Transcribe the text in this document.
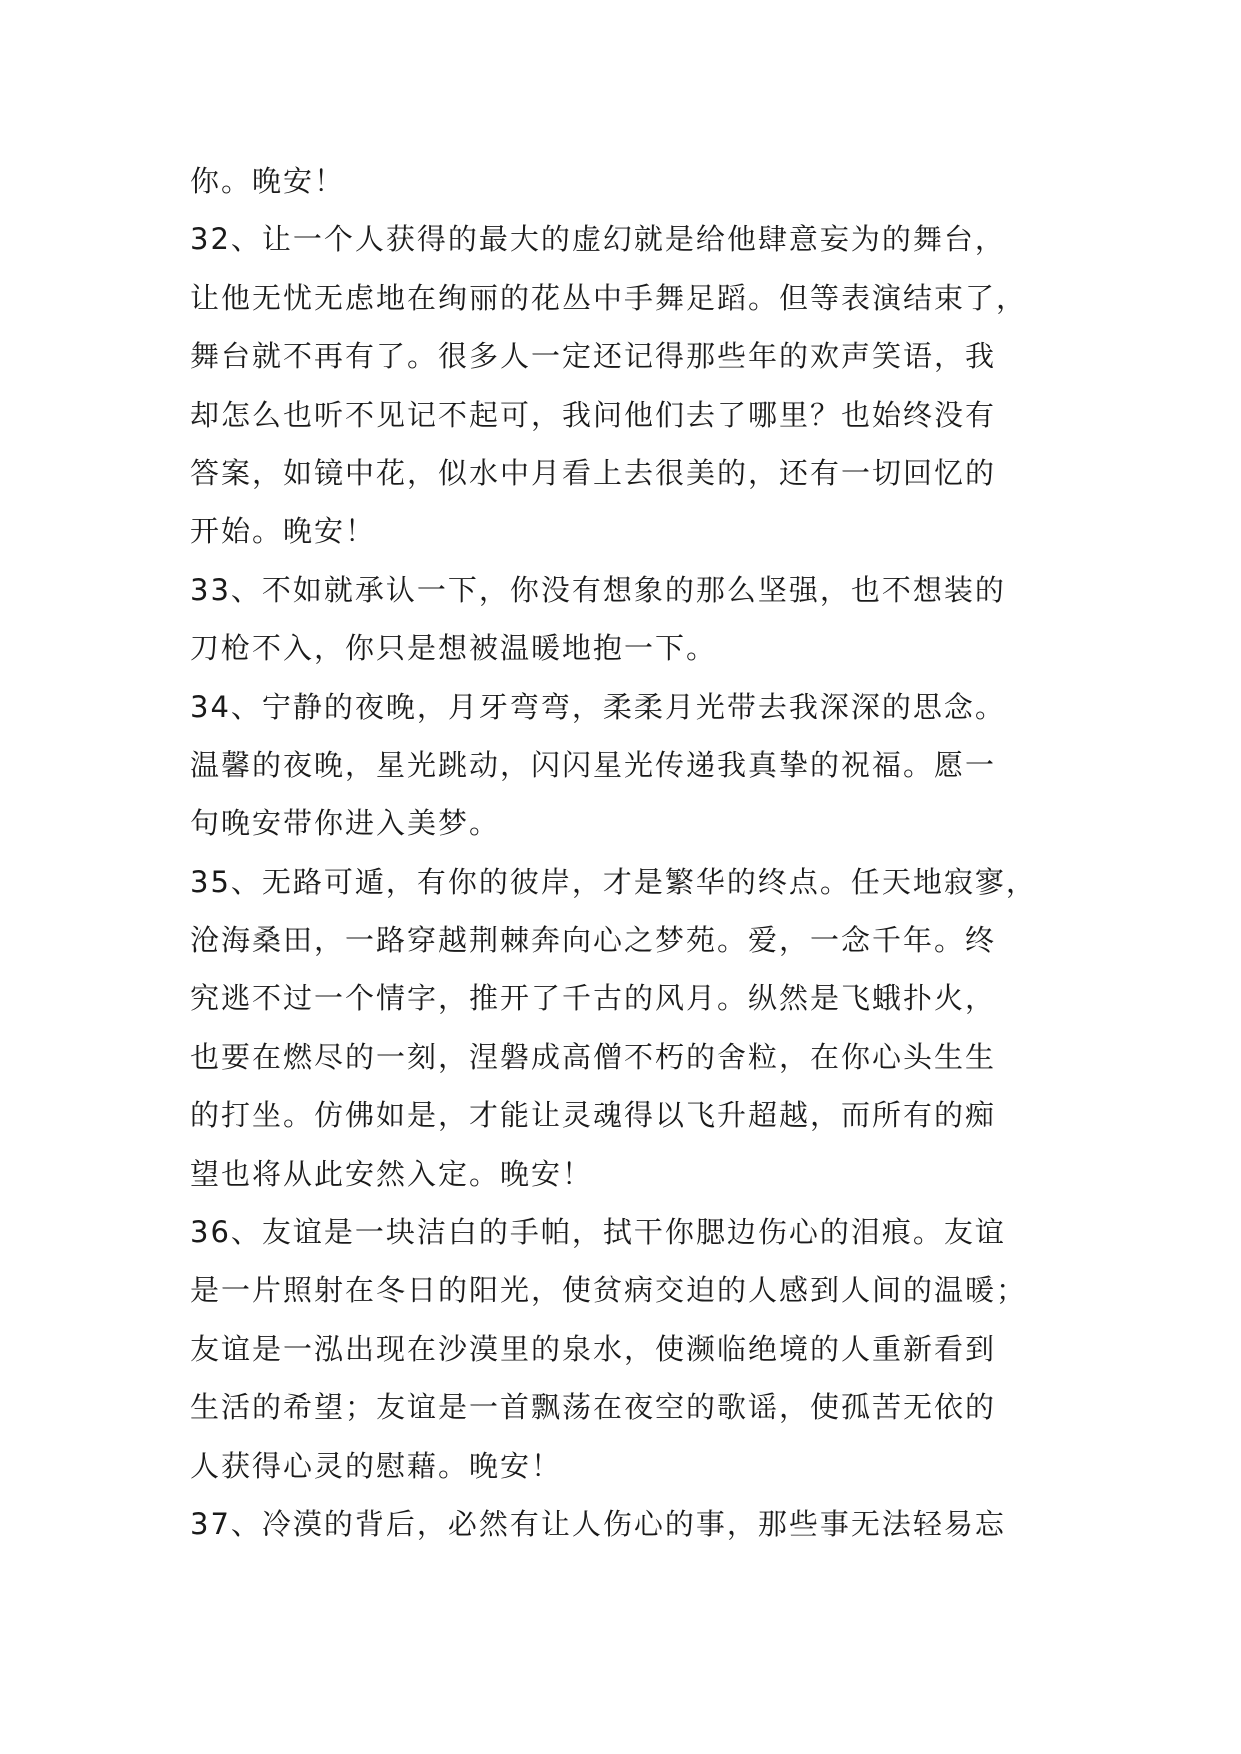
你。晚安！
32、让一个人获得的最大的虚幻就是给他肆意妄为的舞台，
让他无忧无虑地在绚丽的花丛中手舞足蹈。但等表演结束了，
舞台就不再有了。很多人一定还记得那些年的欢声笑语，我
却怎么也听不见记不起可，我问他们去了哪里？也始终没有
答案，如镜中花，似水中月看上去很美的，还有一切回忆的
开始。晚安！
33、不如就承认一下，你没有想象的那么坚强，也不想装的
刀枪不入，你只是想被温暖地抱一下。
34、宁静的夜晚，月牙弯弯，柔柔月光带去我深深的思念。
温馨的夜晚，星光跳动，闪闪星光传递我真挚的祝福。愿一
句晚安带你进入美梦。
35、无路可遁，有你的彼岸，才是繁华的终点。任天地寂寥，
沧海桑田，一路穿越荆棘奔向心之梦苑。爱，一念千年。终
究逃不过一个情字，推开了千古的风月。纵然是飞蛾扑火，
也要在燃尽的一刻，涅磐成高僧不朽的舍粒，在你心头生生
的打坐。仿佛如是，才能让灵魂得以飞升超越，而所有的痴
望也将从此安然入定。晚安！
36、友谊是一块洁白的手帕，拭干你腮边伤心的泪痕。友谊
是一片照射在冬日的阳光，使贫病交迫的人感到人间的温暖；
友谊是一泓出现在沙漠里的泉水，使濒临绝境的人重新看到
生活的希望；友谊是一首飘荡在夜空的歌谣，使孤苦无依的
人获得心灵的慰藉。晚安！
37、冷漠的背后，必然有让人伤心的事，那些事无法轻易忘
